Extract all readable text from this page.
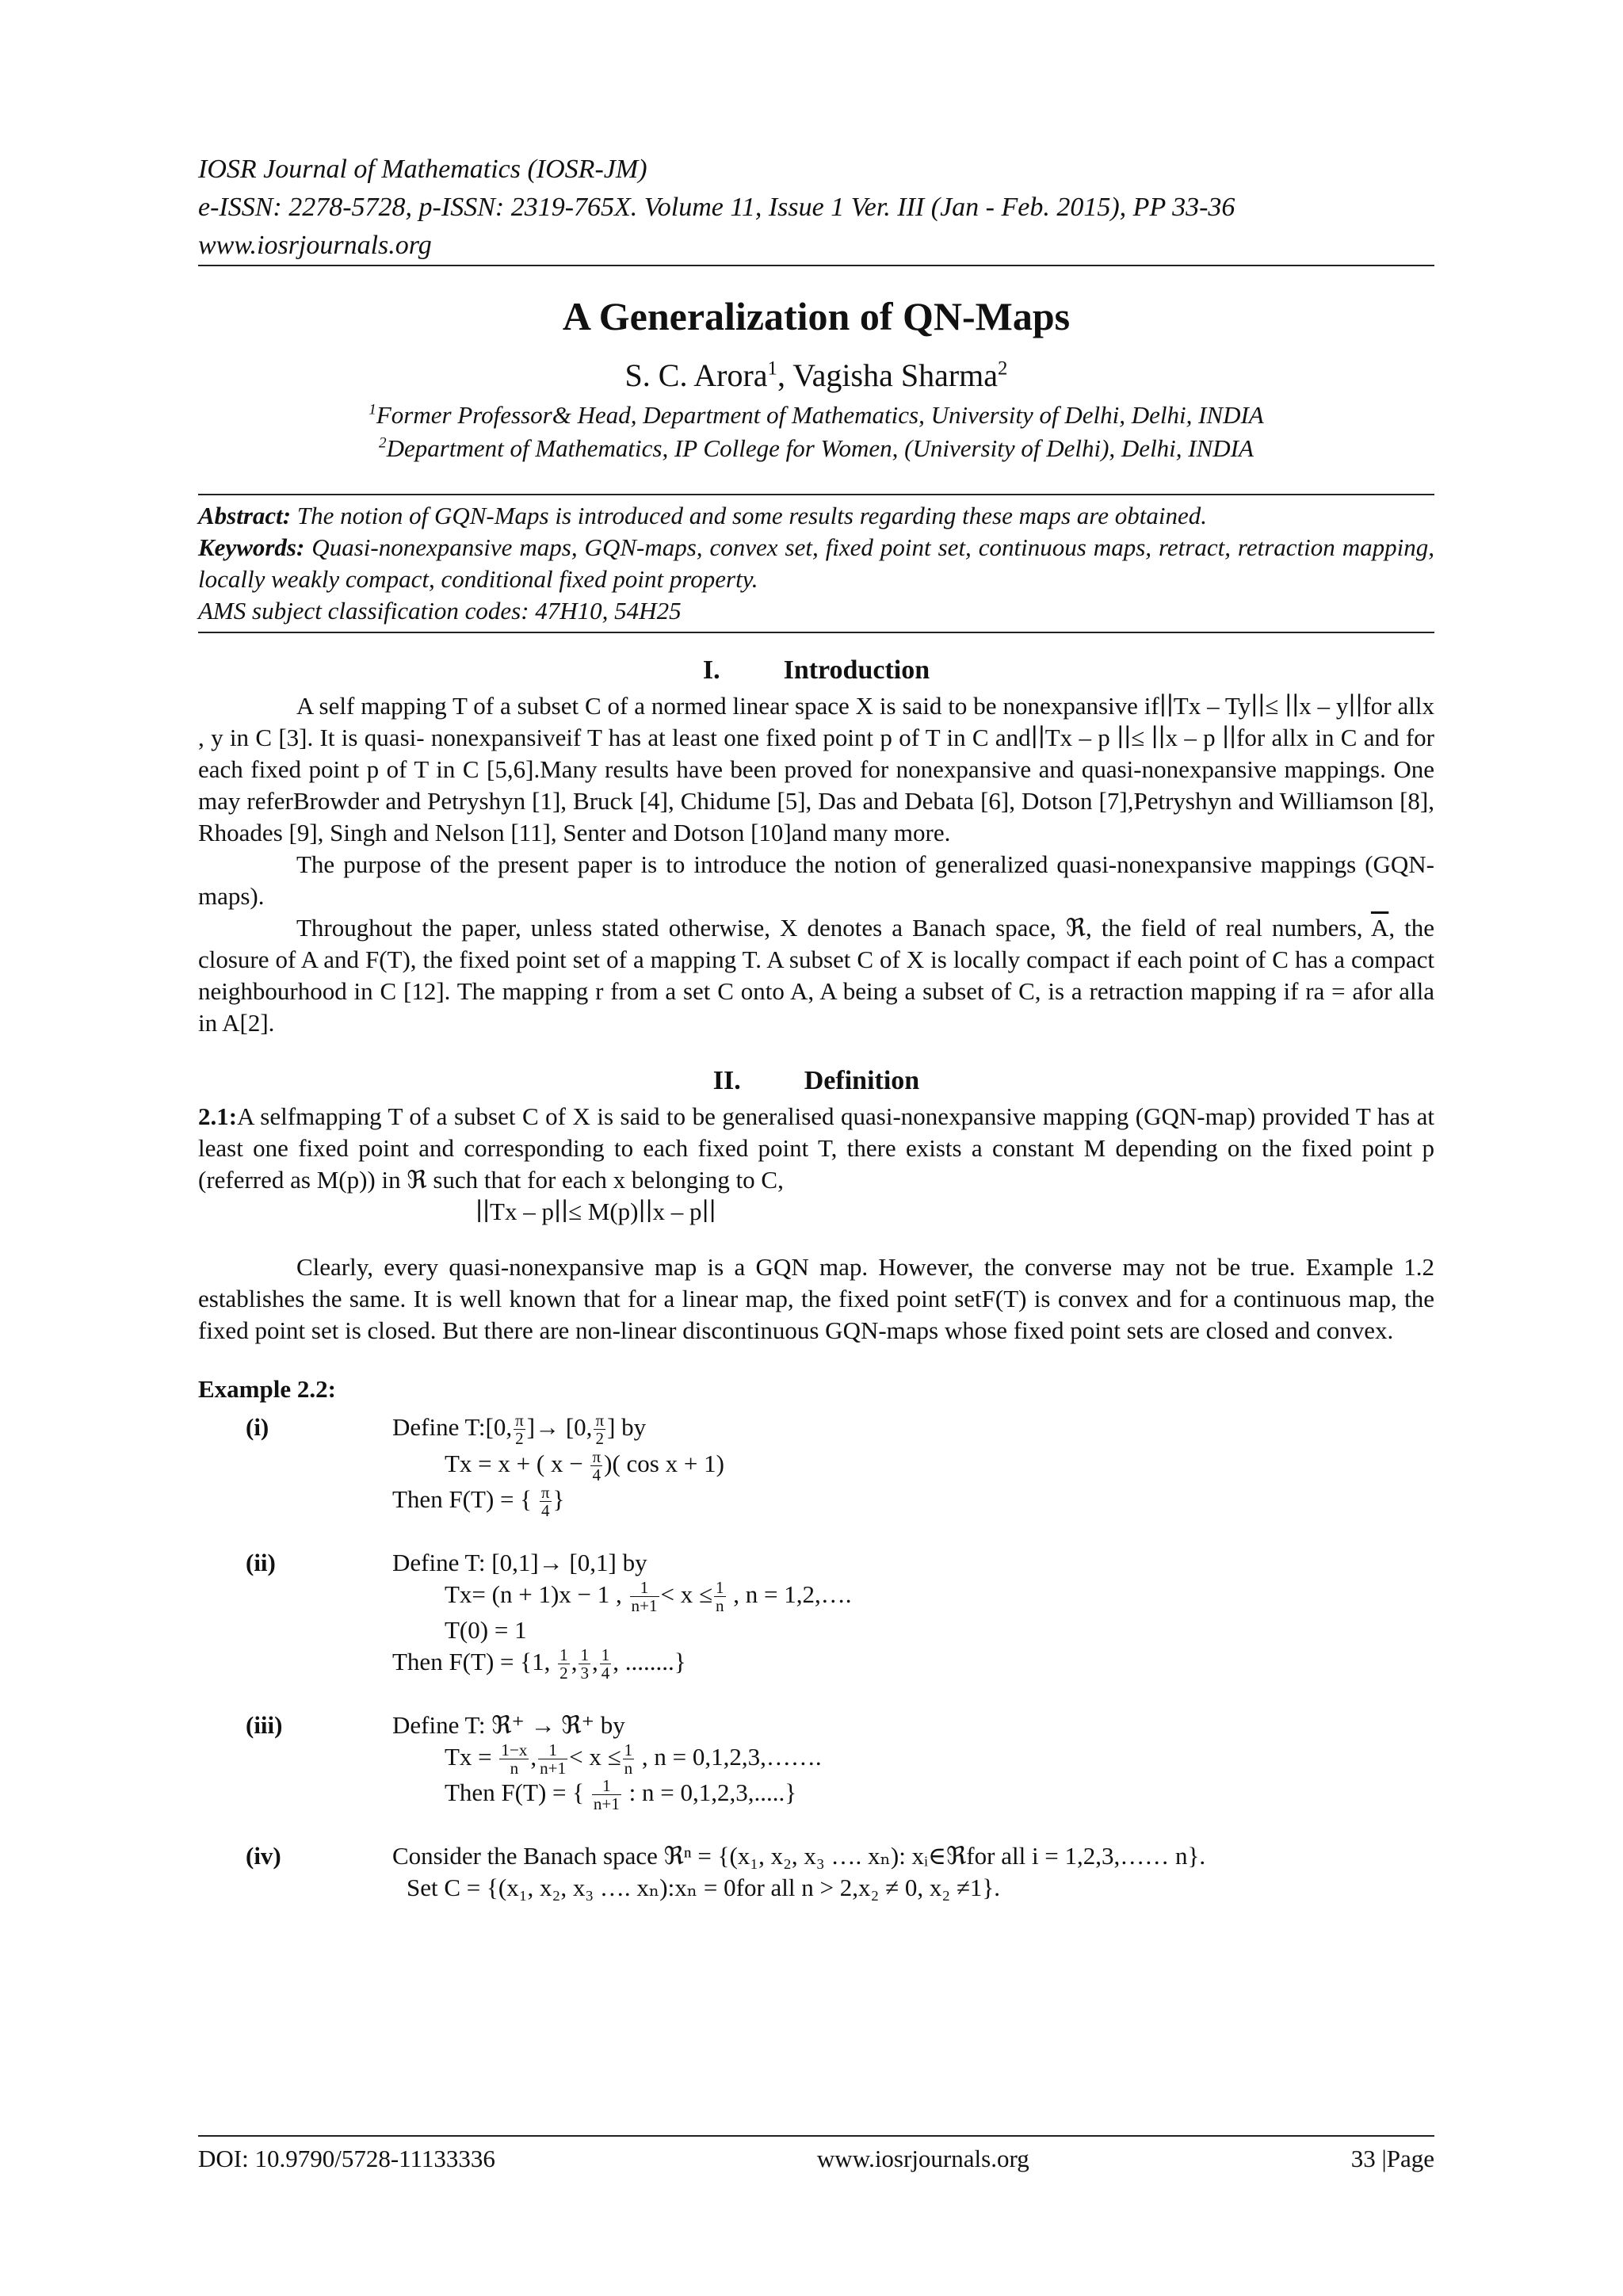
IOSR Journal of Mathematics (IOSR-JM)
e-ISSN: 2278-5728, p-ISSN: 2319-765X. Volume 11, Issue 1 Ver. III (Jan - Feb. 2015), PP 33-36
www.iosrjournals.org
A Generalization of QN-Maps
S. C. Arora$^1$, Vagisha Sharma$^2$
$^1$Former Professor& Head, Department of Mathematics, University of Delhi, Delhi, INDIA
$^2$Department of Mathematics, IP College for Women, (University of Delhi), Delhi, INDIA
Abstract: The notion of GQN-Maps is introduced and some results regarding these maps are obtained.
Keywords: Quasi-nonexpansive maps, GQN-maps, convex set, fixed point set, continuous maps, retract, retraction mapping, locally weakly compact, conditional fixed point property.
AMS subject classification codes: 47H10, 54H25
I. Introduction

A self mapping T of a subset C of a normed linear space X is said to be nonexpansive if∣∣Tx – Ty∣∣≤ ∣∣x – y∣∣for allx , y in C [3]. It is quasi- nonexpansiveif T has at least one fixed point p of T in C and∣∣Tx – p ∣∣≤ ∣∣x – p ∣∣for allx in C and for each fixed point p of T in C [5,6].Many results have been proved for nonexpansive and quasi-nonexpansive mappings. One may referBrowder and Petryshyn [1], Bruck [4], Chidume [5], Das and Debata [6], Dotson [7],Petryshyn and Williamson [8], Rhoades [9], Singh and Nelson [11], Senter and Dotson [10]and many more.

The purpose of the present paper is to introduce the notion of generalized quasi-nonexpansive mappings (GQN-maps).

Throughout the paper, unless stated otherwise, X denotes a Banach space, ℜ, the field of real numbers, $\overline{A}$, the closure of A and F(T), the fixed point set of a mapping T. A subset C of X is locally compact if each point of C has a compact neighbourhood in C [12]. The mapping r from a set C onto A, A being a subset of C, is a retraction mapping if ra = afor alla in A[2].

II. Definition

2.1:A selfmapping T of a subset C of X is said to be generalised quasi-nonexpansive mapping (GQN-map) provided T has at least one fixed point and corresponding to each fixed point T, there exists a constant M depending on the fixed point p (referred as M(p)) in ℜ such that for each x belonging to C,

∣∣Tx – p∣∣≤ M(p)∣∣x – p∣∣

Clearly, every quasi-nonexpansive map is a GQN map. However, the converse may not be true. Example 1.2 establishes the same. It is well known that for a linear map, the fixed point setF(T) is convex and for a continuous map, the fixed point set is closed. But there are non-linear discontinuous GQN-maps whose fixed point sets are closed and convex.

Example 2.2:
(i)	Define T:[0, $\frac{\pi}{2}$ ]→ [0, $\frac{\pi}{2}$ ] by
Tx = x + ( $x - \frac{\pi}{4}$ )( cos x + 1)
Then F(T) = { $\frac{\pi}{4}$ }
(ii)	Define T: [0,1]→ [0,1] by
Tx= (n + 1)x − 1 , $\frac{1}{n+1} < x \le \frac{1}{n}$ , n = 1,2,….
T(0) = 1
Then F(T) = {1, $\frac{1}{2}$ , $\frac{1}{3}$ , $\frac{1}{4}$ , ........}
(iii)	Define T: ℜ⁺ → ℜ⁺ by
$Tx = \frac{1-x}{n}$ , $\frac{1}{n+1} < x \le \frac{1}{n}$ , n = 0,1,2,3,…….
Then F(T) = { $\frac{1}{n+1}$ : n = 0,1,2,3,.....}
(iv)	Consider the Banach space ℜⁿ = {(x₁, x₂, x₃ …. xₙ): xᵢ∈ℜfor all i = 1,2,3,…… n}.
Set C = {(x₁, x₂, x₃ …. xₙ):xₙ = 0for all n > 2,x₂ ≠ 0, x₂ ≠1}.
DOI: 10.9790/5728-11133336	www.iosrjournals.org	33 |Page
